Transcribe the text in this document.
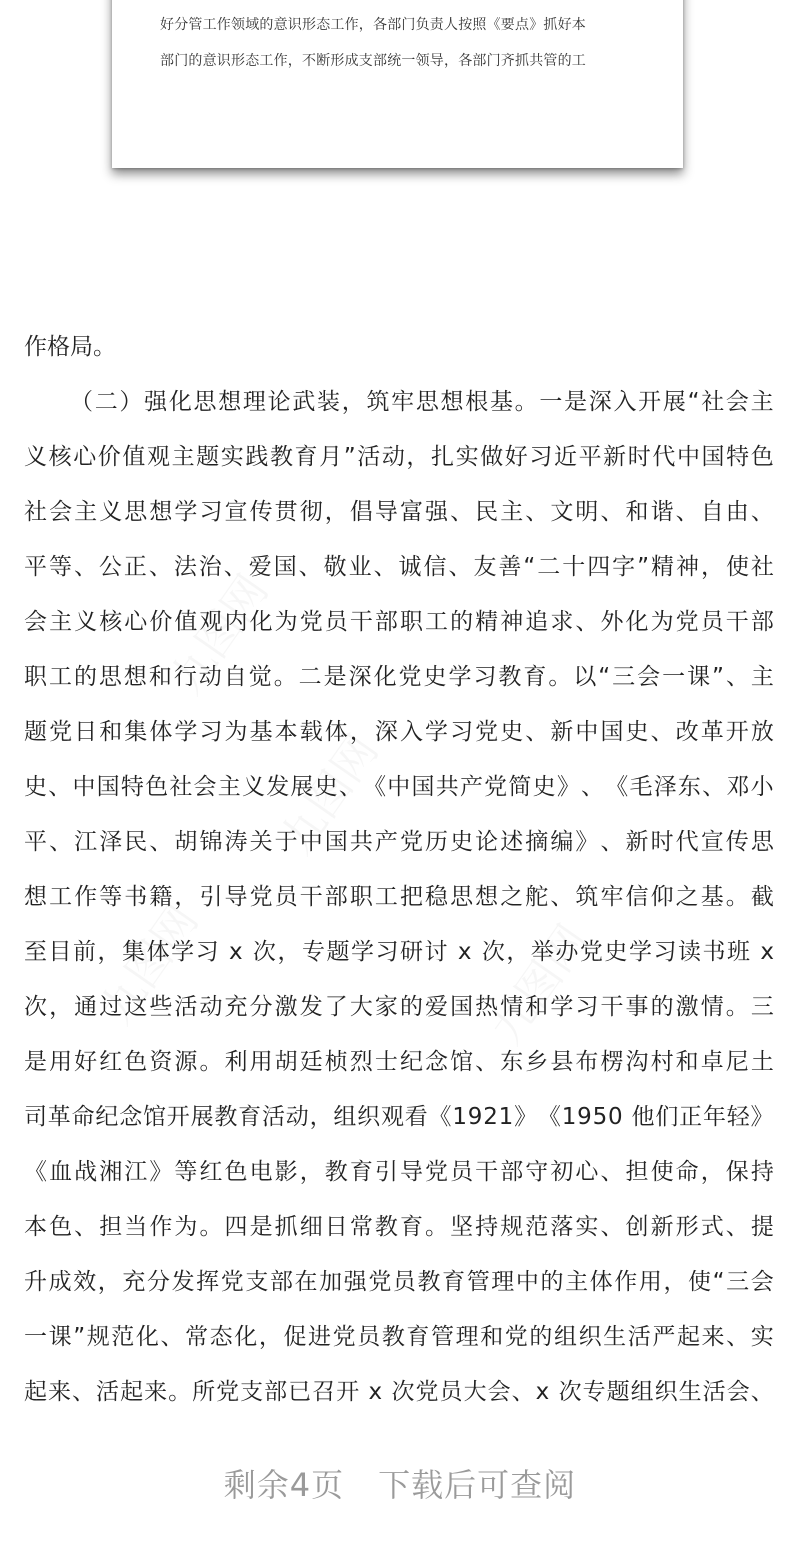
好分管工作领域的意识形态工作，各部门负责人按照《要点》抓好本
部门的意识形态工作，不断形成支部统一领导，各部门齐抓共管的工
作格局。
（ 二 ） 强 化 思 想 理 论 武 装 ， 筑 牢 思 想 根 基 。 一 是 深 入 开 展 “ 社 会 主
义 核 心 价 值 观 主 题 实 践 教 育 月 ” 活 动 ， 扎 实 做 好 习 近 平 新 时 代 中 国 特 色
社 会 主 义 思 想 学 习 宣 传 贯 彻 ， 倡 导 富 强 、 民 主 、 文 明 、 和 谐 、 自 由 、
平 等 、 公 正 、 法 治 、 爱 国 、 敬 业 、 诚 信 、 友 善 “ 二 十 四 字 ” 精 神 ， 使 社
会 主 义 核 心 价 值 观 内 化 为 党 员 干 部 职 工 的 精 神 追 求 、 外 化 为 党 员 干 部
职 工 的 思 想 和 行 动 自 觉 。 二 是 深 化 党 史 学 习 教 育 。 以 “ 三 会 一 课 ” 、 主
题 党 日 和 集 体 学 习 为 基 本 载 体 ， 深 入 学 习 党 史 、 新 中 国 史 、 改 革 开 放
史 、 中 国 特 色 社 会 主 义 发 展 史 、 《 中 国 共 产 党 简 史 》 、 《 毛 泽 东 、 邓 小
平 、 江 泽 民 、 胡 锦 涛 关 于 中 国 共 产 党 历 史 论 述 摘 编 》 、 新 时 代 宣 传 思
想 工 作 等 书 籍 ， 引 导 党 员 干 部 职 工 把 稳 思 想 之 舵 、 筑 牢 信 仰 之 基 。 截
至 目 前 ， 集 体 学 习
x
次 ， 专 题 学 习 研 讨
x
次 ， 举 办 党 史 学 习 读 书 班
x
次 ， 通 过 这 些 活 动 充 分 激 发 了 大 家 的 爱 国 热 情 和 学 习 干 事 的 激 情 。 三
是 用 好 红 色 资 源 。 利 用 胡 廷 桢 烈 士 纪 念 馆 、 东 乡 县 布 楞 沟 村 和 卓 尼 土
司 革 命 纪 念 馆 开 展 教 育 活 动 ， 组 织 观 看 《 1 9 2 1 》 《 1 9 5 0
他 们 正 年 轻 》
《 血 战 湘 江 》 等 红 色 电 影 ， 教 育 引 导 党 员 干 部 守 初 心 、 担 使 命 ， 保 持
本 色 、 担 当 作 为 。 四 是 抓 细 日 常 教 育 。 坚 持 规 范 落 实 、 创 新 形 式 、 提
升 成 效 ， 充 分 发 挥 党 支 部 在 加 强 党 员 教 育 管 理 中 的 主 体 作 用 ， 使 “ 三 会
一 课 ” 规 范 化 、 常 态 化 ， 促 进 党 员 教 育 管 理 和 党 的 组 织 生 活 严 起 来 、 实
起 来 、 活 起 来 。 所 党 支 部 已 召 开
x
次 党 员 大 会 、 x
次 专 题 组 织 生 活 会 、
剩余4页 下载后可查阅
